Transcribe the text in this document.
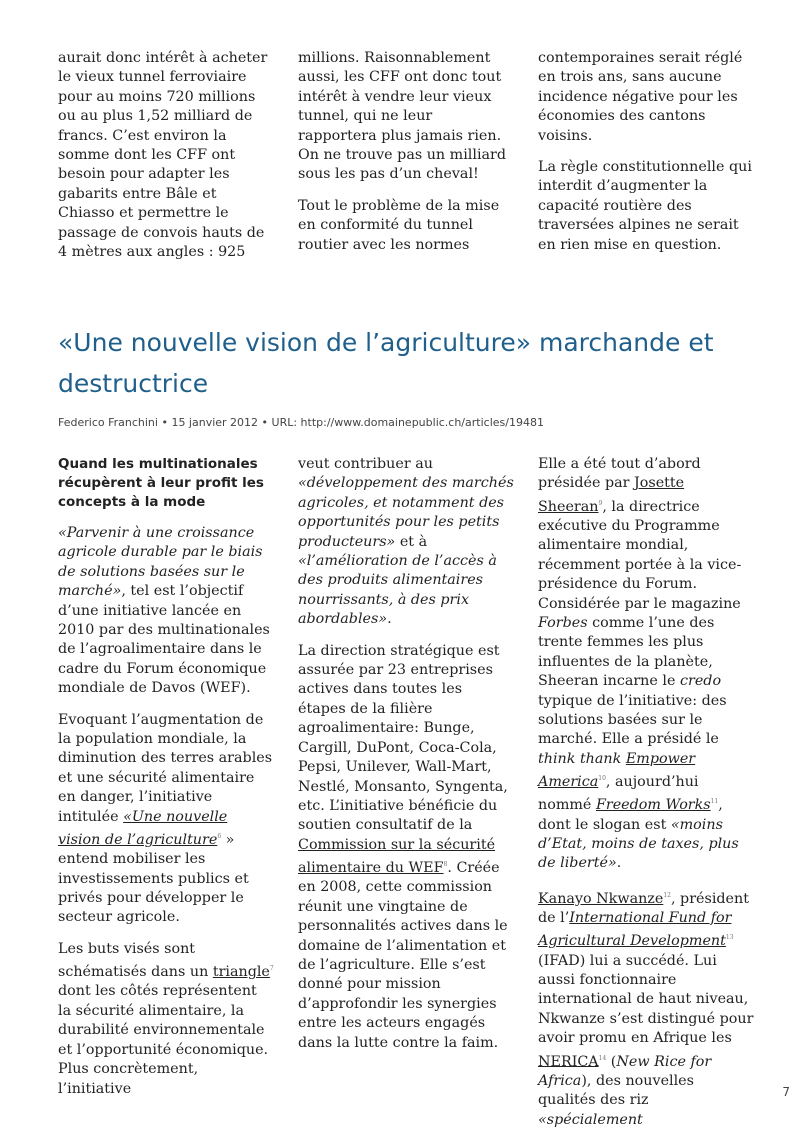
aurait donc intérêt à acheter le vieux tunnel ferroviaire pour au moins 720 millions ou au plus 1,52 milliard de francs. C’est environ la somme dont les CFF ont besoin pour adapter les gabarits entre Bâle et Chiasso et permettre le passage de convois hauts de 4 mètres aux angles : 925

millions. Raisonnablement aussi, les CFF ont donc tout intérêt à vendre leur vieux tunnel, qui ne leur rapportera plus jamais rien. On ne trouve pas un milliard sous les pas d’un cheval!

Tout le problème de la mise en conformité du tunnel routier avec les normes

contemporaines serait réglé en trois ans, sans aucune incidence négative pour les économies des cantons voisins.

La règle constitutionnelle qui interdit d’augmenter la capacité routière des traversées alpines ne serait en rien mise en question.

«Une nouvelle vision de l’agriculture» marchande et destructrice
Federico Franchini • 15 janvier 2012 • URL: http://www.domainepublic.ch/articles/19481
Quand les multinationales récupèrent à leur profit les concepts à la mode

«Parvenir à une croissance agricole durable par le biais de solutions basées sur le marché», tel est l’objectif d’une initiative lancée en 2010 par des multinationales de l’agroalimentaire dans le cadre du Forum économique mondiale de Davos (WEF).

Evoquant l’augmentation de la population mondiale, la diminution des terres arables et une sécurité alimentaire en danger, l’initiative intitulée «Une nouvelle vision de l’agriculture$^6$ » entend mobiliser les investissements publics et privés pour développer le secteur agricole.

Les buts visés sont schématisés dans un triangle$^7$ dont les côtés représentent la sécurité alimentaire, la durabilité environnementale et l’opportunité économique. Plus concrètement, l’initiative

veut contribuer au «développement des marchés agricoles, et notamment des opportunités pour les petits producteurs» et à «l’amélioration de l’accès à des produits alimentaires nourrissants, à des prix abordables».

La direction stratégique est assurée par 23 entreprises actives dans toutes les étapes de la filière agroalimentaire: Bunge, Cargill, DuPont, Coca-Cola, Pepsi, Unilever, Wall-Mart, Nestlé, Monsanto, Syngenta, etc. L’initiative bénéficie du soutien consultatif de la Commission sur la sécurité alimentaire du WEF$^8$. Créée en 2008, cette commission réunit une vingtaine de personnalités actives dans le domaine de l’alimentation et de l’agriculture. Elle s’est donné pour mission d’approfondir les synergies entre les acteurs engagés dans la lutte contre la faim.

Elle a été tout d’abord présidée par Josette Sheeran$^9$, la directrice exécutive du Programme alimentaire mondial, récemment portée à la vice-présidence du Forum. Considérée par le magazine Forbes comme l’une des trente femmes les plus influentes de la planète, Sheeran incarne le credo typique de l’initiative: des solutions basées sur le marché. Elle a présidé le think thank Empower America$^{10}$, aujourd’hui nommé Freedom Works$^{11}$, dont le slogan est «moins d’Etat, moins de taxes, plus de liberté».

Kanayo Nkwanze$^{12}$, président de l’International Fund for Agricultural Development$^{13}$ (IFAD) lui a succédé. Lui aussi fonctionnaire international de haut niveau, Nkwanze s’est distingué pour avoir promu en Afrique les NERICA$^{14}$ (New Rice for Africa), des nouvelles qualités des riz «spécialement

7
